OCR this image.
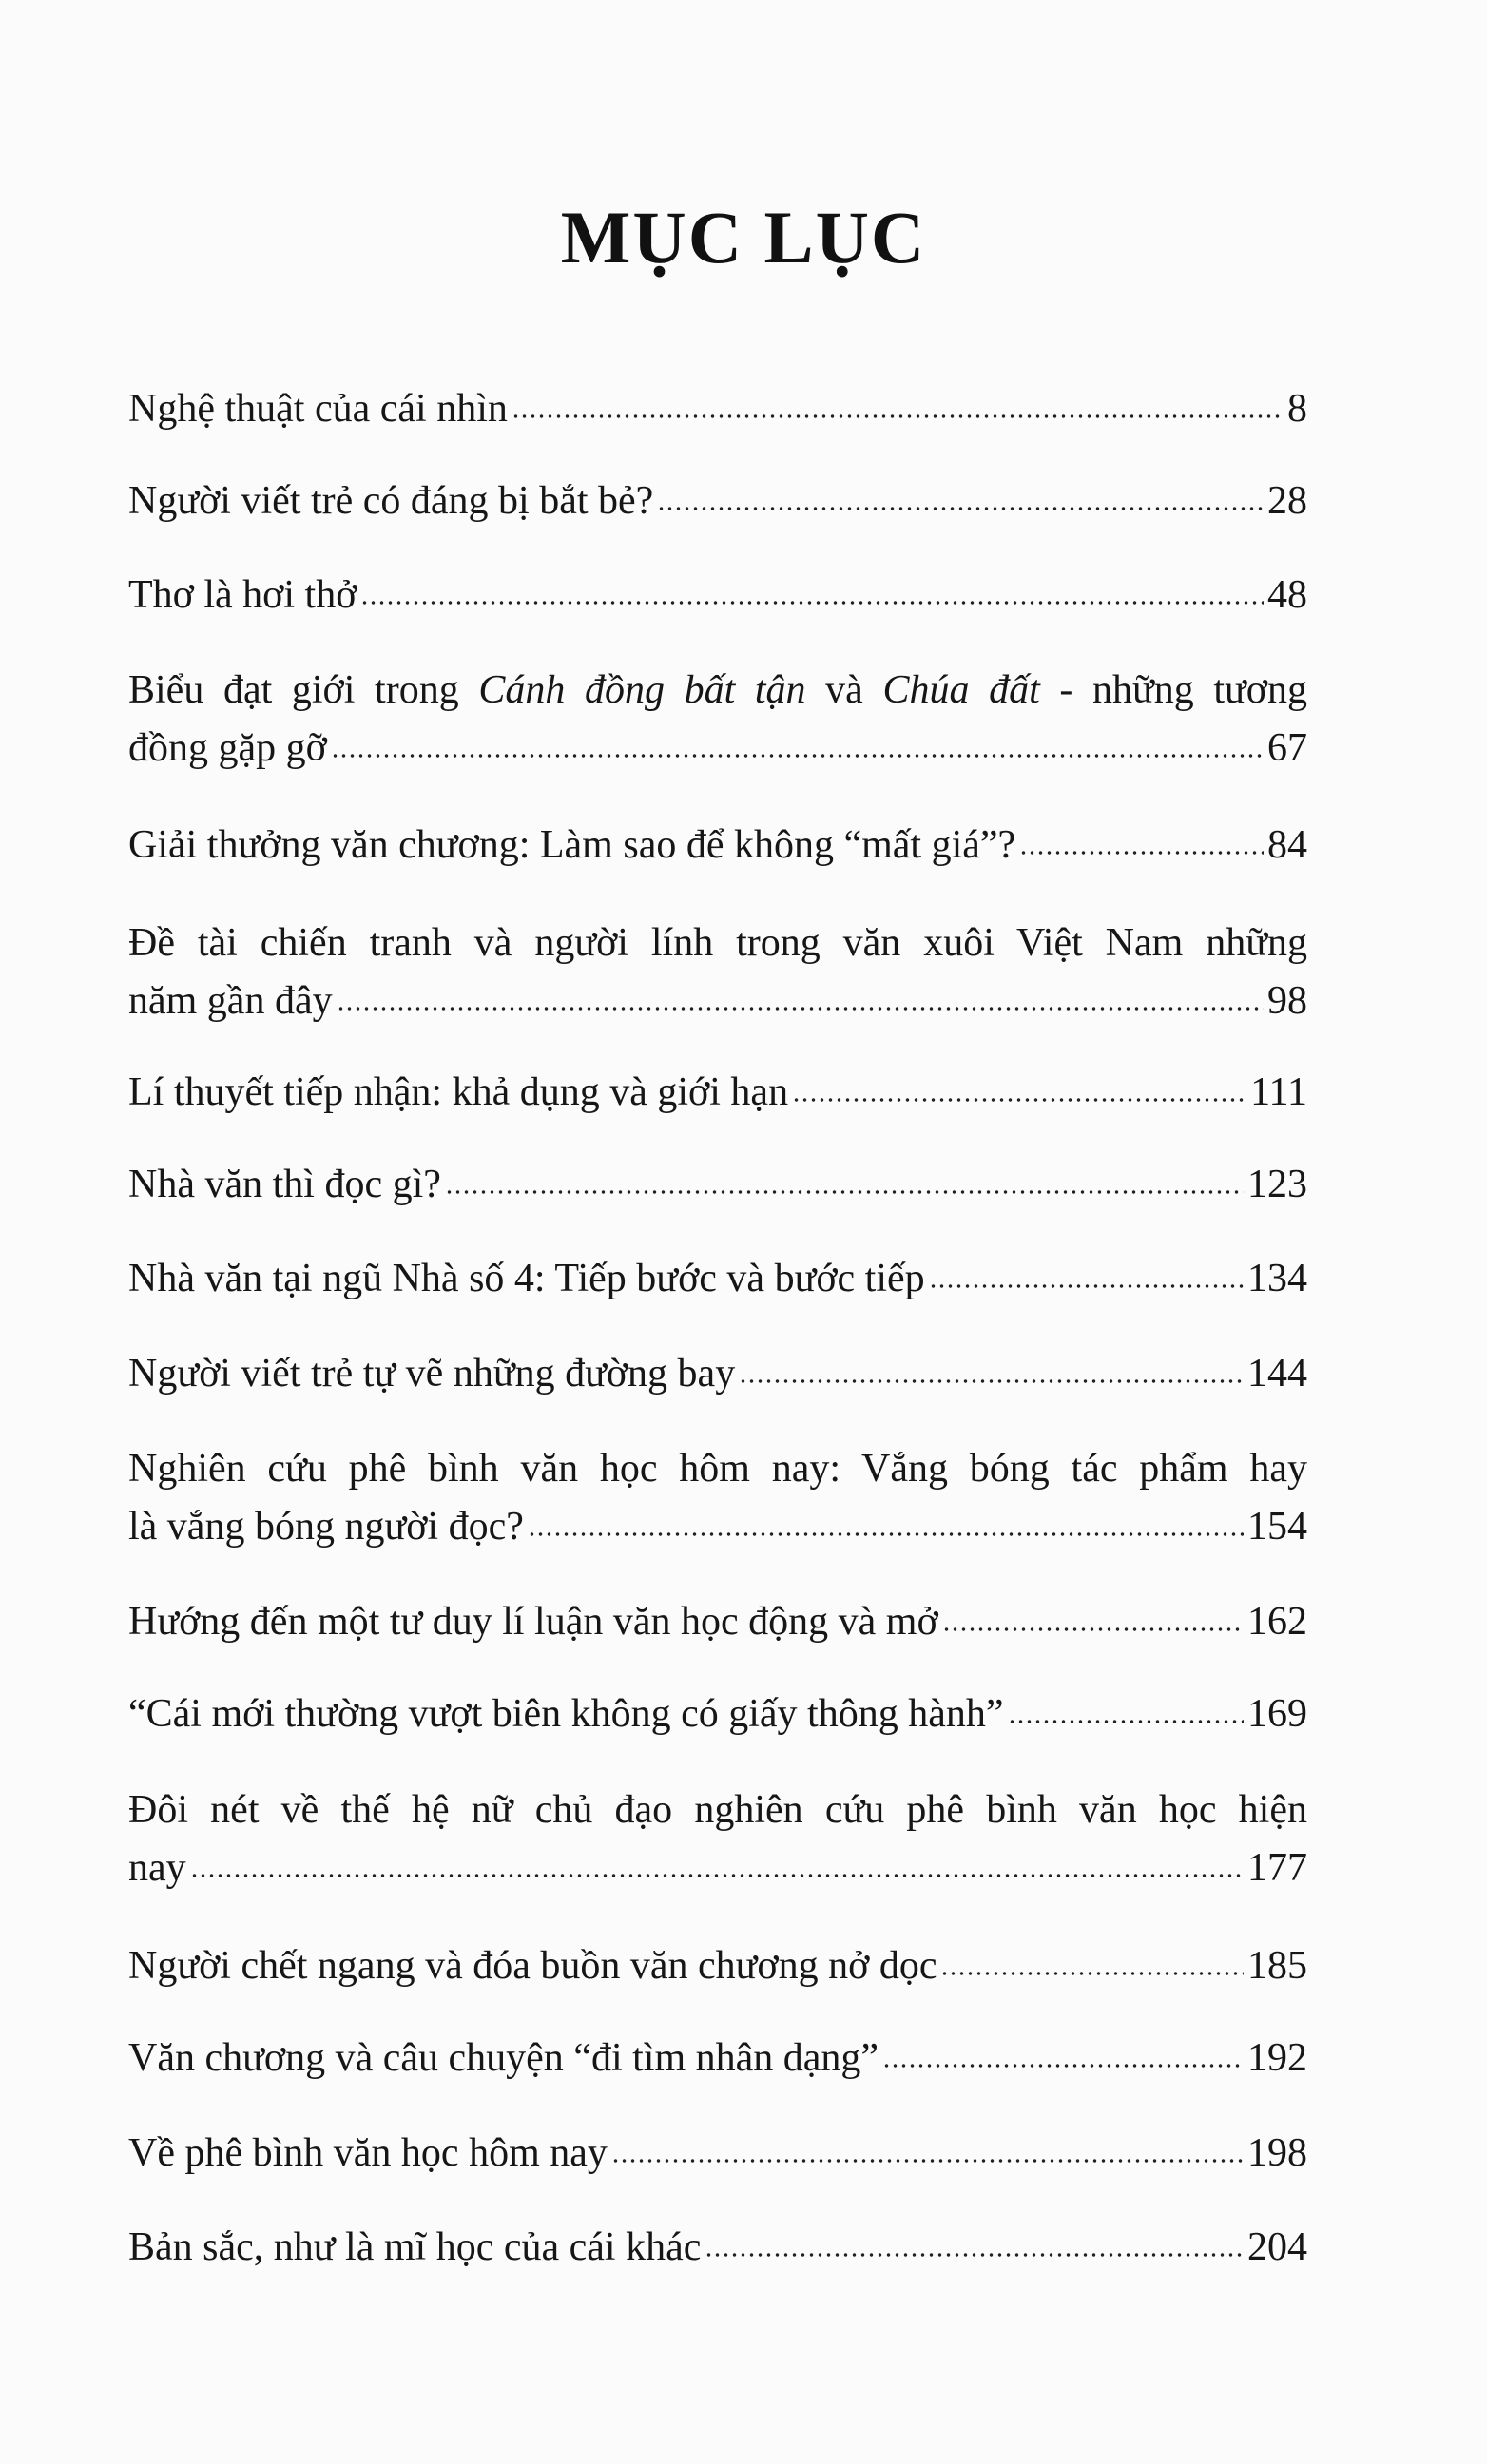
MỤC LỤC
Nghệ thuật của cái nhìn	8
Người viết trẻ có đáng bị bắt bẻ?	28
Thơ là hơi thở	48
Biểu đạt giới trong Cánh đồng bất tận và Chúa đất - những tương
đồng gặp gỡ	67
Giải thưởng văn chương: Làm sao để không “mất giá”?	84
Đề tài chiến tranh và người lính trong văn xuôi Việt Nam những
năm gần đây	98
Lí thuyết tiếp nhận: khả dụng và giới hạn	111
Nhà văn thì đọc gì?	123
Nhà văn tại ngũ Nhà số 4: Tiếp bước và bước tiếp	134
Người viết trẻ tự vẽ những đường bay	144
Nghiên cứu phê bình văn học hôm nay: Vắng bóng tác phẩm hay
là vắng bóng người đọc?	154
Hướng đến một tư duy lí luận văn học động và mở	162
“Cái mới thường vượt biên không có giấy thông hành”	169
Đôi nét về thế hệ nữ chủ đạo nghiên cứu phê bình văn học hiện
nay	177
Người chết ngang và đóa buồn văn chương nở dọc	185
Văn chương và câu chuyện “đi tìm nhân dạng”	192
Về phê bình văn học hôm nay	198
Bản sắc, như là mĩ học của cái khác	204
